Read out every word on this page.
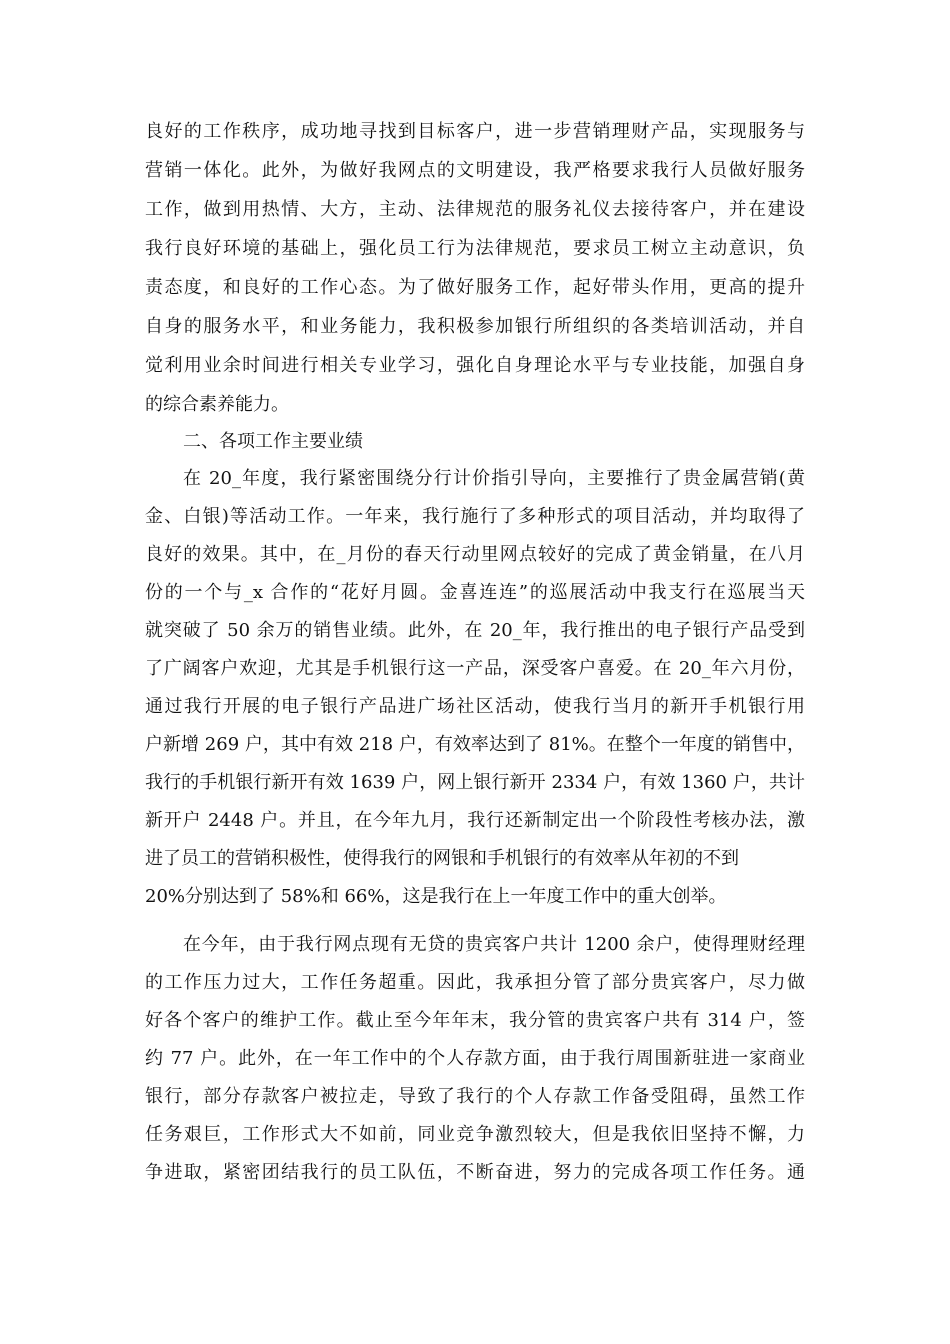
良好的工作秩序，成功地寻找到目标客户，进一步营销理财产品，实现服务与
营销一体化。此外，为做好我网点的文明建设，我严格要求我行人员做好服务
工作，做到用热情、大方，主动、法律规范的服务礼仪去接待客户，并在建设
我行良好环境的基础上，强化员工行为法律规范，要求员工树立主动意识，负
责态度，和良好的工作心态。为了做好服务工作，起好带头作用，更高的提升
自身的服务水平，和业务能力，我积极参加银行所组织的各类培训活动，并自
觉利用业余时间进行相关专业学习，强化自身理论水平与专业技能，加强自身
的综合素养能力。
二、各项工作主要业绩
在 20_年度，我行紧密围绕分行计价指引导向，主要推行了贵金属营销(黄
金、白银)等活动工作。一年来，我行施行了多种形式的项目活动，并均取得了
良好的效果。其中，在_月份的春天行动里网点较好的完成了黄金销量，在八月
份的一个与_x 合作的“花好月圆。金喜连连”的巡展活动中我支行在巡展当天
就突破了 50 余万的销售业绩。此外，在 20_年，我行推出的电子银行产品受到
了广阔客户欢迎，尤其是手机银行这一产品，深受客户喜爱。在 20_年六月份，
通过我行开展的电子银行产品进广场社区活动，使我行当月的新开手机银行用
户新增 269 户，其中有效 218 户，有效率达到了 81%。在整个一年度的销售中，
我行的手机银行新开有效 1639 户，网上银行新开 2334 户，有效 1360 户，共计
新开户 2448 户。并且，在今年九月，我行还新制定出一个阶段性考核办法，激
进了员工的营销积极性，使得我行的网银和手机银行的有效率从年初的不到
20%分别达到了 58%和 66%，这是我行在上一年度工作中的重大创举。
在今年，由于我行网点现有无贷的贵宾客户共计 1200 余户，使得理财经理
的工作压力过大，工作任务超重。因此，我承担分管了部分贵宾客户，尽力做
好各个客户的维护工作。截止至今年年末，我分管的贵宾客户共有 314 户，签
约 77 户。此外，在一年工作中的个人存款方面，由于我行周围新驻进一家商业
银行，部分存款客户被拉走，导致了我行的个人存款工作备受阻碍，虽然工作
任务艰巨，工作形式大不如前，同业竞争激烈较大，但是我依旧坚持不懈，力
争进取，紧密团结我行的员工队伍，不断奋进，努力的完成各项工作任务。通
